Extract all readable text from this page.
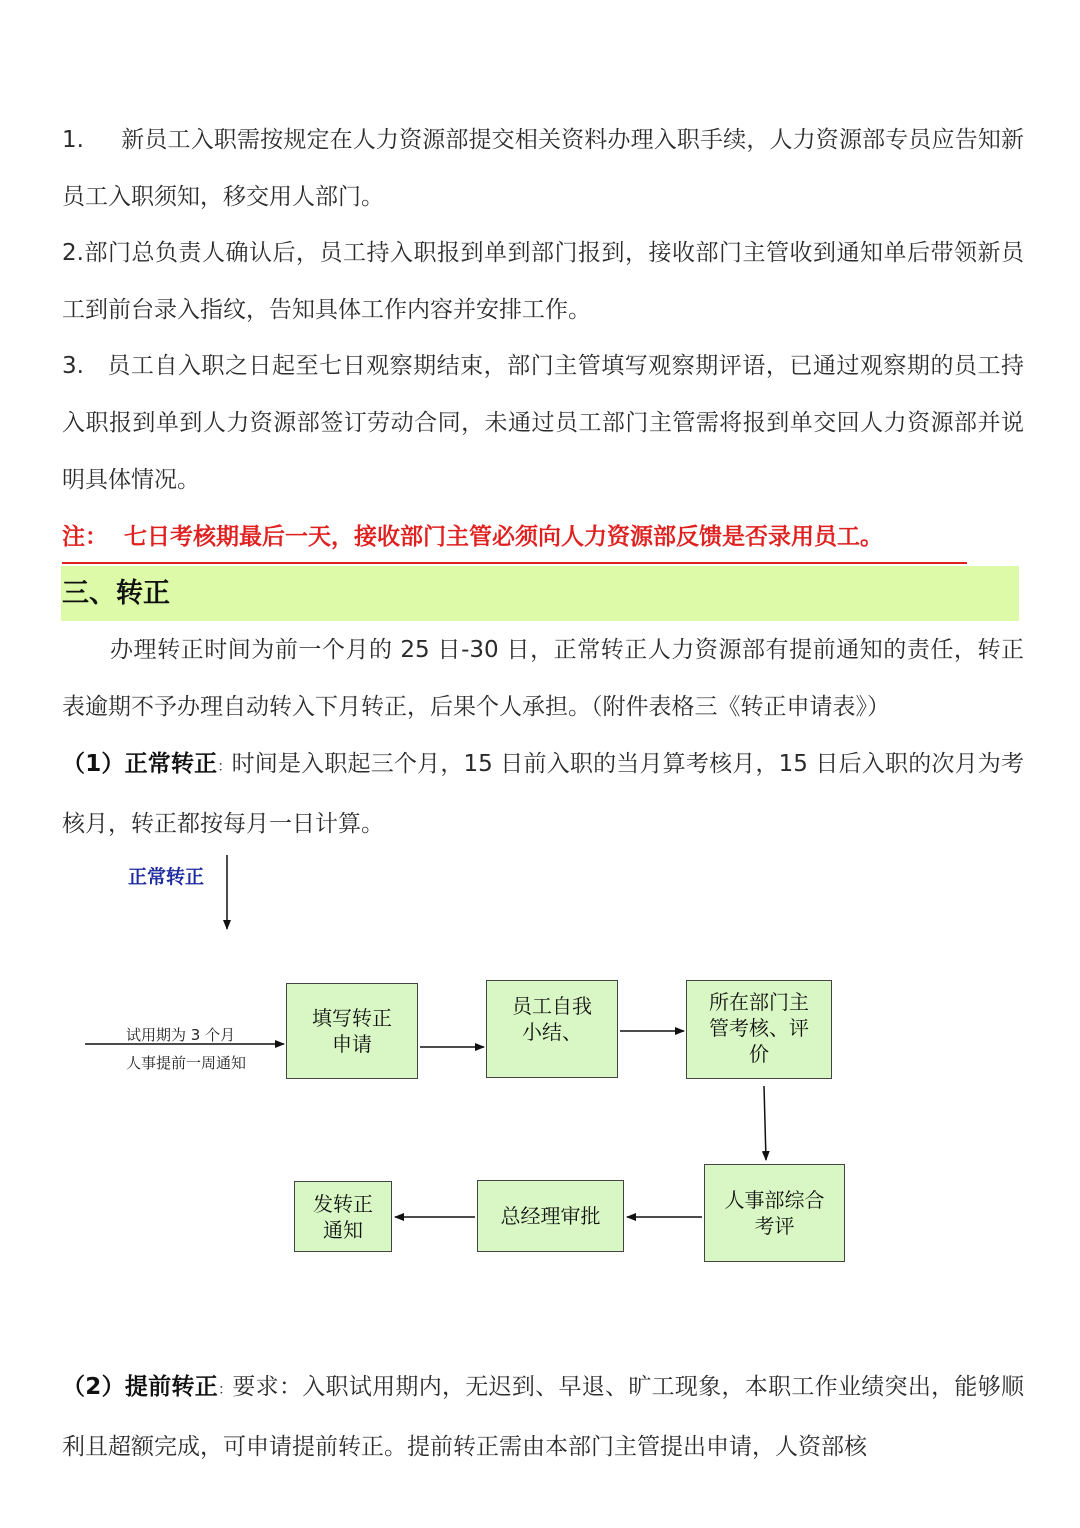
1.     新员工入职需按规定在人力资源部提交相关资料办理入职手续，人力资源部专员应告知新员工入职须知，移交用人部门。

2.部门总负责人确认后，员工持入职报到单到部门报到，接收部门主管收到通知单后带领新员工到前台录入指纹，告知具体工作内容并安排工作。

3.   员工自入职之日起至七日观察期结束，部门主管填写观察期评语，已通过观察期的员工持入职报到单到人力资源部签订劳动合同，未通过员工部门主管需将报到单交回人力资源部并说明具体情况。

注：  七日考核期最后一天，接收部门主管必须向人力资源部反馈是否录用员工。

三、转正

办理转正时间为前一个月的 25 日-30 日，正常转正人力资源部有提前通知的责任，转正表逾期不予办理自动转入下月转正，后果个人承担。（附件表格三《转正申请表》）

（1）正常转正：时间是入职起三个月，15 日前入职的当月算考核月，15 日后入职的次月为考核月，转正都按每月一日计算。

正常转正

试用期为 3 个月

人事提前一周通知

填写转正
申请
员工自我
小结、
所在部门主
管考核、评
价
人事部综合
考评
总经理审批
发转正
通知

（2）提前转正：要求：入职试用期内，无迟到、早退、旷工现象，本职工作业绩突出，能够顺利且超额完成，可申请提前转正。提前转正需由本部门主管提出申请，人资部核
